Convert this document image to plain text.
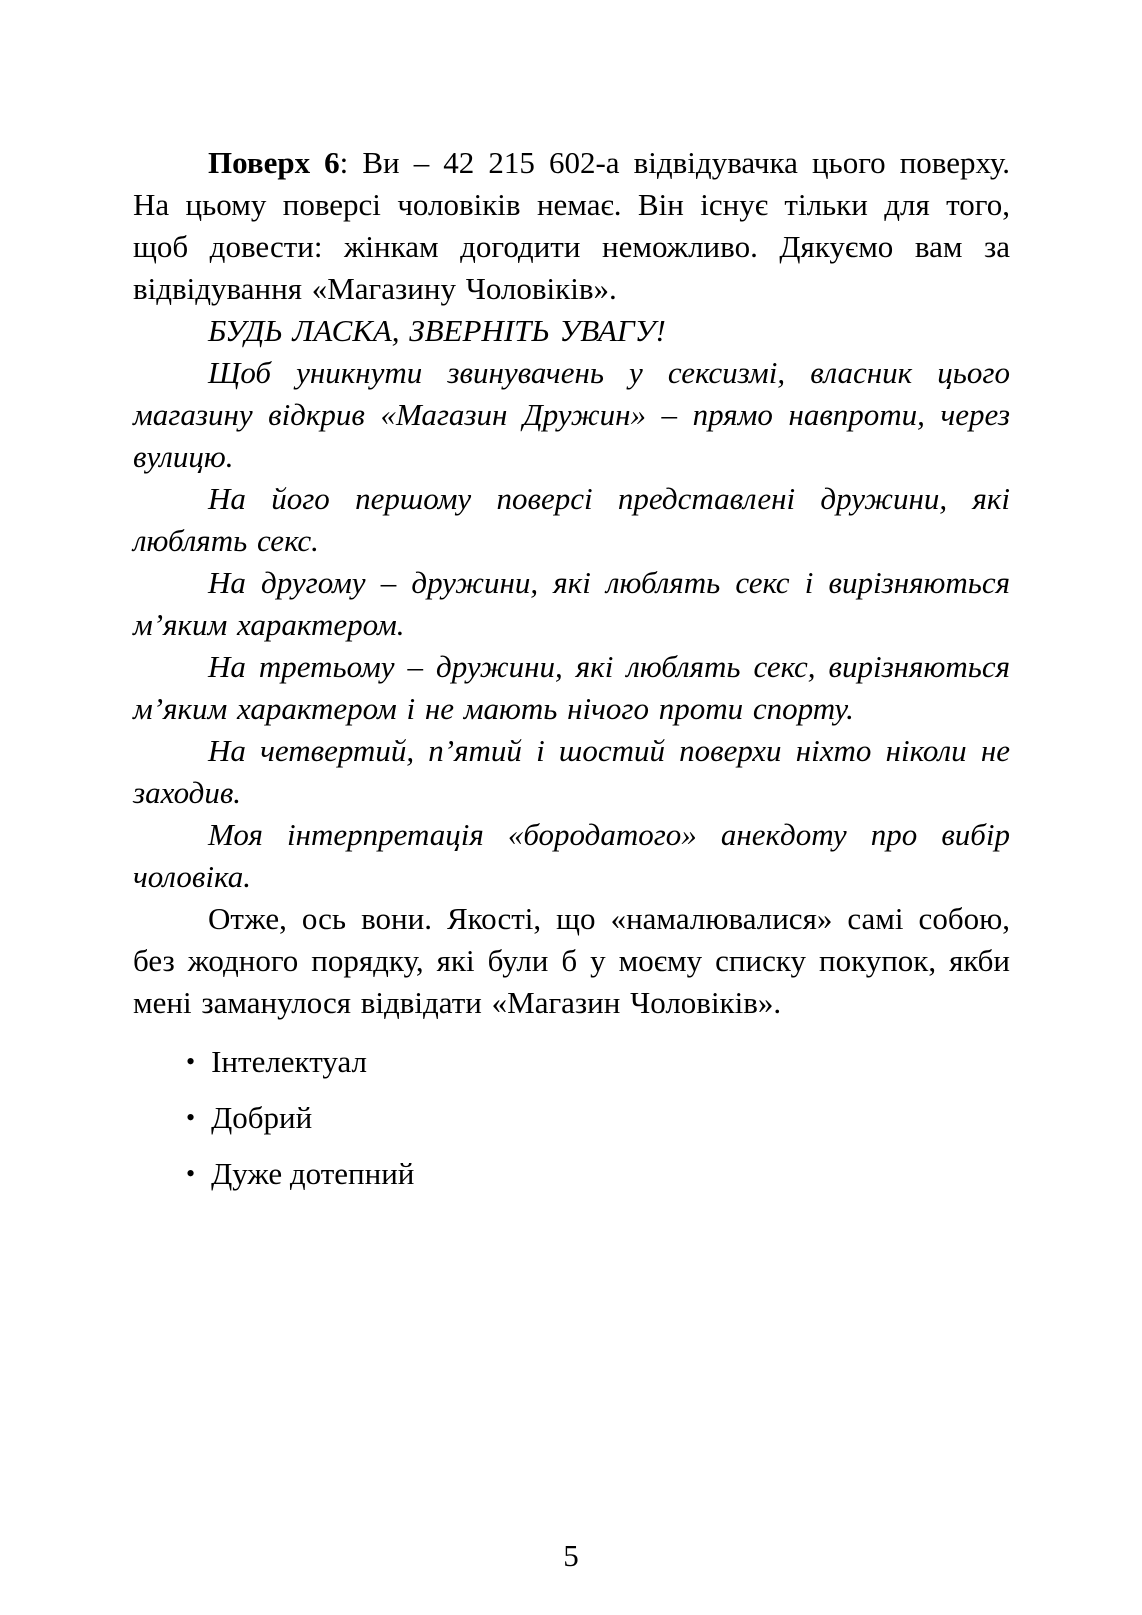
Поверх 6: Ви – 42 215 602-а відвідувачка цього поверху. На цьому поверсі чоловіків немає. Він існує тільки для того, щоб довести: жінкам догодити неможливо. Дякуємо вам за відвідування «Магазину Чоловіків».

БУДЬ ЛАСКА, ЗВЕРНІТЬ УВАГУ!

Щоб уникнути звинувачень у сексизмі, власник цього магазину відкрив «Магазин Дружин» – прямо навпроти, через вулицю.

На його першому поверсі представлені дружини, які люблять секс.

На другому – дружини, які люблять секс і вирізняються м’яким характером.

На третьому – дружини, які люблять секс, вирізняються м’яким характером і не мають нічого проти спорту.

На четвертий, п’ятий і шостий поверхи ніхто ніколи не заходив.

Моя інтерпретація «бородатого» анекдоту про вибір чоловіка.

Отже, ось вони. Якості, що «намалювалися» самі собою, без жодного порядку, які були б у моєму списку покупок, якби мені заманулося відвідати «Магазин Чоловіків».

• Інтелектуал
• Добрий
• Дуже дотепний
5
